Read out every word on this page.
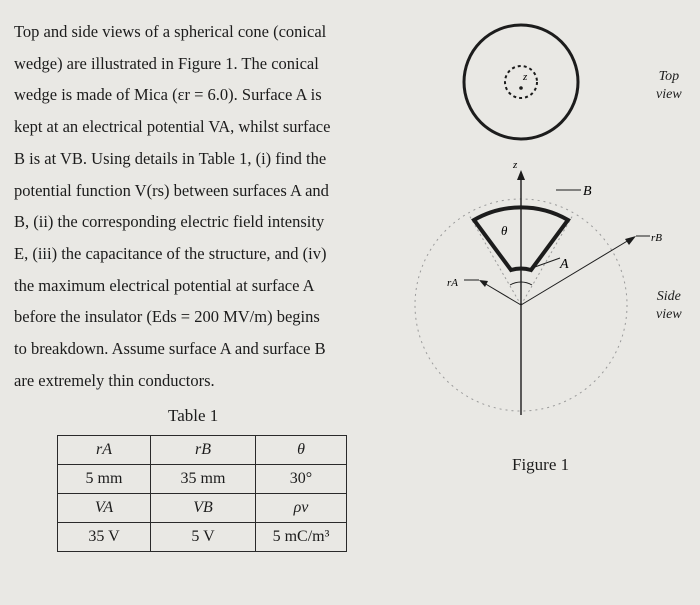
Top and side views of a spherical cone (conical
wedge) are illustrated in Figure 1. The conical
wedge is made of Mica (εr = 6.0). Surface A is
kept at an electrical potential VA, whilst surface
B is at VB. Using details in Table 1, (i) find the
potential function V(rs) between surfaces A and
B, (ii) the corresponding electric field intensity
E, (iii) the capacitance of the structure, and (iv)
the maximum electrical potential at surface A
before the insulator (Eds = 200 MV/m) begins
to breakdown. Assume surface A and surface B
are extremely thin conductors.
Table 1
rA	rB	θ
5 mm	35 mm	30°
VA	VB	ρv
35 V	5 V	5 mC/m³
z
z
θ
B
A
rB
rA
Top
view
Side
view
Figure 1
